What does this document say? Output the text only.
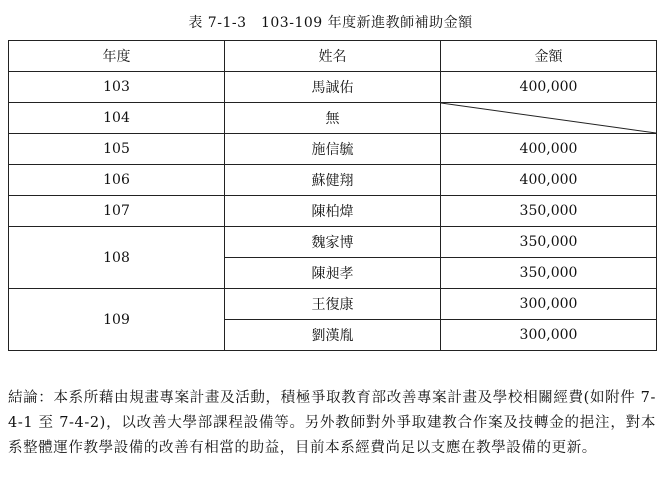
表 7-1-3　103-109 年度新進教師補助金額
年度	姓名	金額
103	馬誠佑	400,000
104	無	

105	施信毓	400,000
106	蘇健翔	400,000
107	陳柏煒	350,000
108	魏家博	350,000
	陳昶孝	350,000
109	王復康	300,000
	劉漢胤	300,000
結論：本系所藉由規畫專案計畫及活動，積極爭取教育部改善專案計畫及學校相關經費(如附件 7-4-1 至 7-4-2)，以改善大學部課程設備等。另外教師對外爭取建教合作案及技轉金的挹注，對本系整體運作教學設備的改善有相當的助益，目前本系經費尚足以支應在教學設備的更新。
